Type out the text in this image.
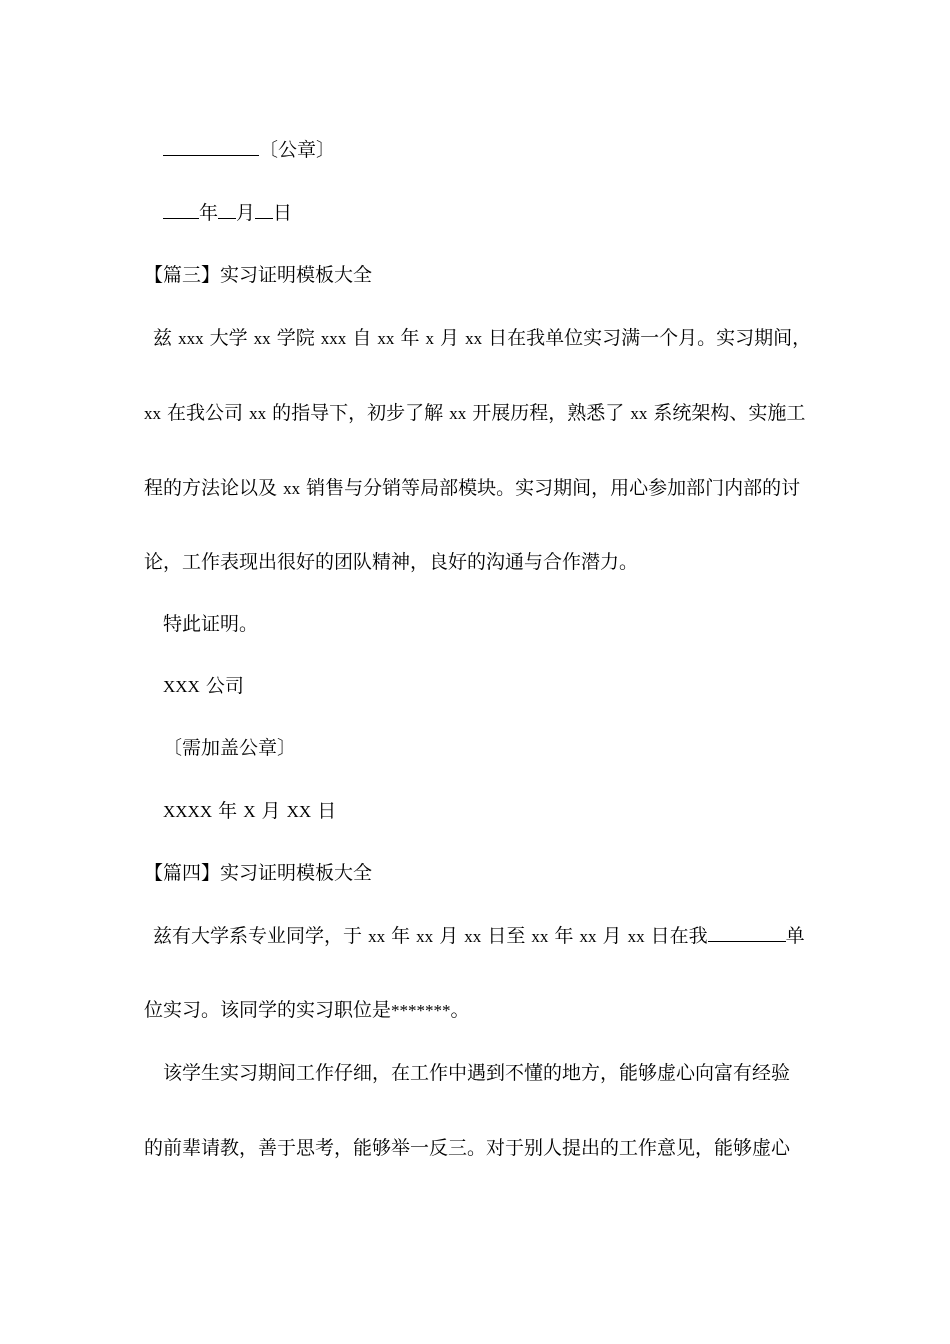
〔公章〕
年 月 日
【篇三】实习证明模板大全
兹 xxx 大学 xx 学院 xxx 自 xx 年 x 月 xx 日在我单位实习满一个月。实习期间，
xx 在我公司 xx 的指导下，初步了解 xx 开展历程，熟悉了 xx 系统架构、实施工
程的方法论以及 xx 销售与分销等局部模块。实习期间，用心参加部门内部的讨
论，工作表现出很好的团队精神，良好的沟通与合作潜力。
特此证明。
XXX 公司
〔需加盖公章〕
XXXX 年 X 月 XX 日
【篇四】实习证明模板大全
兹有大学系专业同学，于 xx 年 xx 月 xx 日至 xx 年 xx 月 xx 日在我	单
位实习。该同学的实习职位是*******。
该学生实习期间工作仔细，在工作中遇到不懂的地方，能够虚心向富有经验
的前辈请教，善于思考，能够举一反三。对于别人提出的工作意见，能够虚心
